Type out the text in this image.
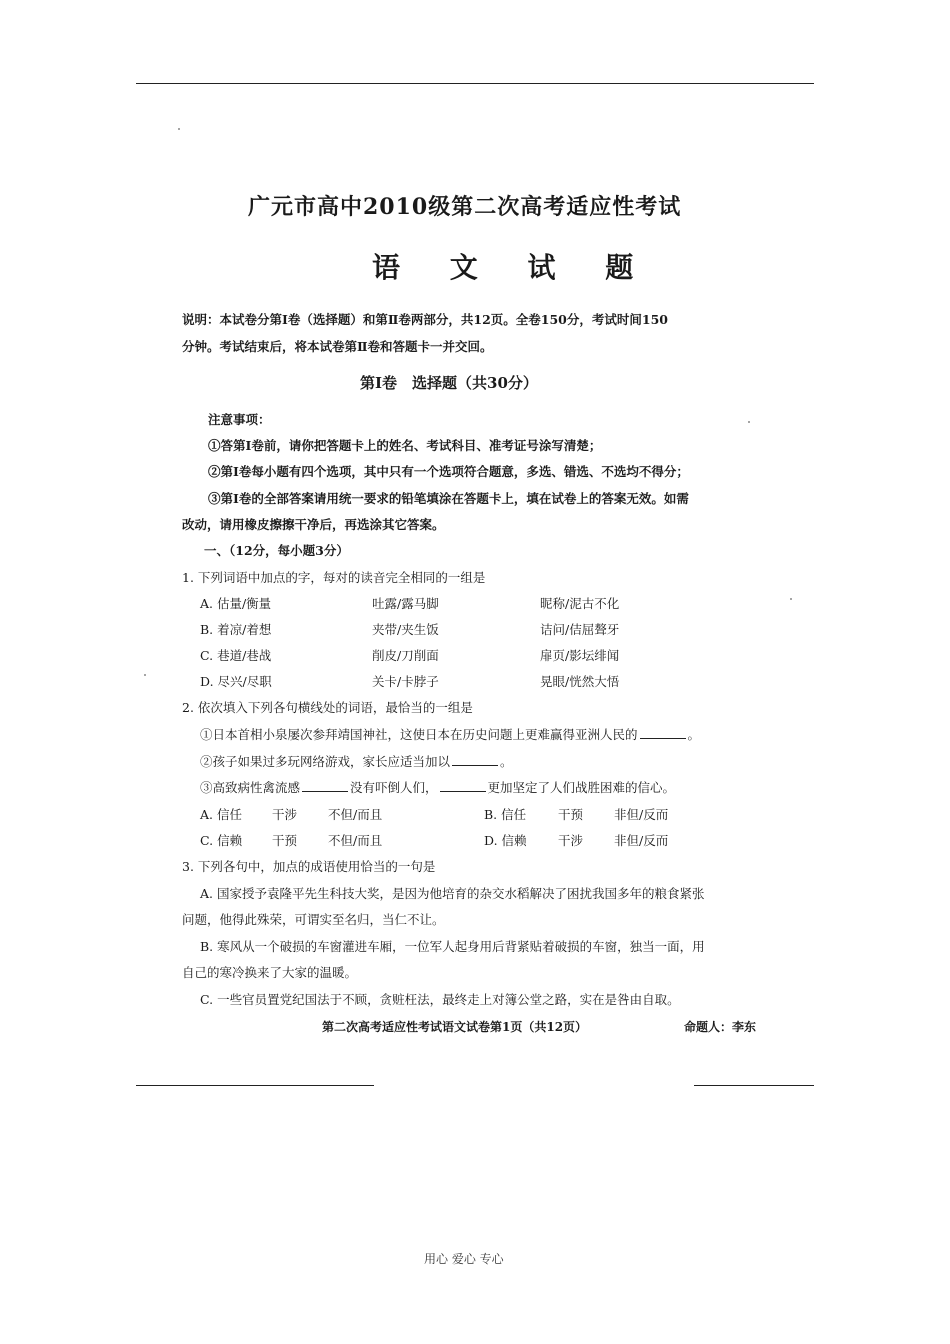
广元市高中2010级第二次高考适应性考试
语 文 试 题
说明：本试卷分第Ⅰ卷（选择题）和第Ⅱ卷两部分，共12页。全卷150分，考试时间150
分钟。考试结束后，将本试卷第Ⅱ卷和答题卡一并交回。
第Ⅰ卷　选择题（共30分）
注意事项：
①答第Ⅰ卷前，请你把答题卡上的姓名、考试科目、准考证号涂写清楚；
②第Ⅰ卷每小题有四个选项，其中只有一个选项符合题意，多选、错选、不选均不得分；
③第Ⅰ卷的全部答案请用统一要求的铅笔填涂在答题卡上，填在试卷上的答案无效。如需
改动，请用橡皮擦擦干净后，再选涂其它答案。
一、（12分，每小题3分）
1. 下列词语中加点的字，每对的读音完全相同的一组是
A. 估量/衡量	吐露/露马脚	昵称/泥古不化
B. 着凉/着想	夹带/夹生饭	诘问/佶屈聱牙
C. 巷道/巷战	削皮/刀削面	扉页/影坛绯闻
D. 尽兴/尽职	关卡/卡脖子	晃眼/恍然大悟
2. 依次填入下列各句横线处的词语，最恰当的一组是
①日本首相小泉屡次参拜靖国神社，这使日本在历史问题上更难赢得亚洲人民的	。
②孩子如果过多玩网络游戏，家长应适当加以	。
③高致病性禽流感	没有吓倒人们，	更加坚定了人们战胜困难的信心。
A. 信任 干涉 不但/而且	B. 信任	干预 非但/反而
C. 信赖 干预 不但/而且	D. 信赖	干涉 非但/反而
3. 下列各句中，加点的成语使用恰当的一句是
A. 国家授予袁隆平先生科技大奖，是因为他培育的杂交水稻解决了困扰我国多年的粮食紧张
问题，他得此殊荣，可谓实至名归，当仁不让。
B. 寒风从一个破损的车窗灌进车厢，一位军人起身用后背紧贴着破损的车窗，独当一面，用
自己的寒冷换来了大家的温暖。
C. 一些官员置党纪国法于不顾，贪赃枉法，最终走上对簿公堂之路，实在是咎由自取。
第二次高考适应性考试语文试卷第1页（共12页）	命题人：李东
用心 爱心 专心
